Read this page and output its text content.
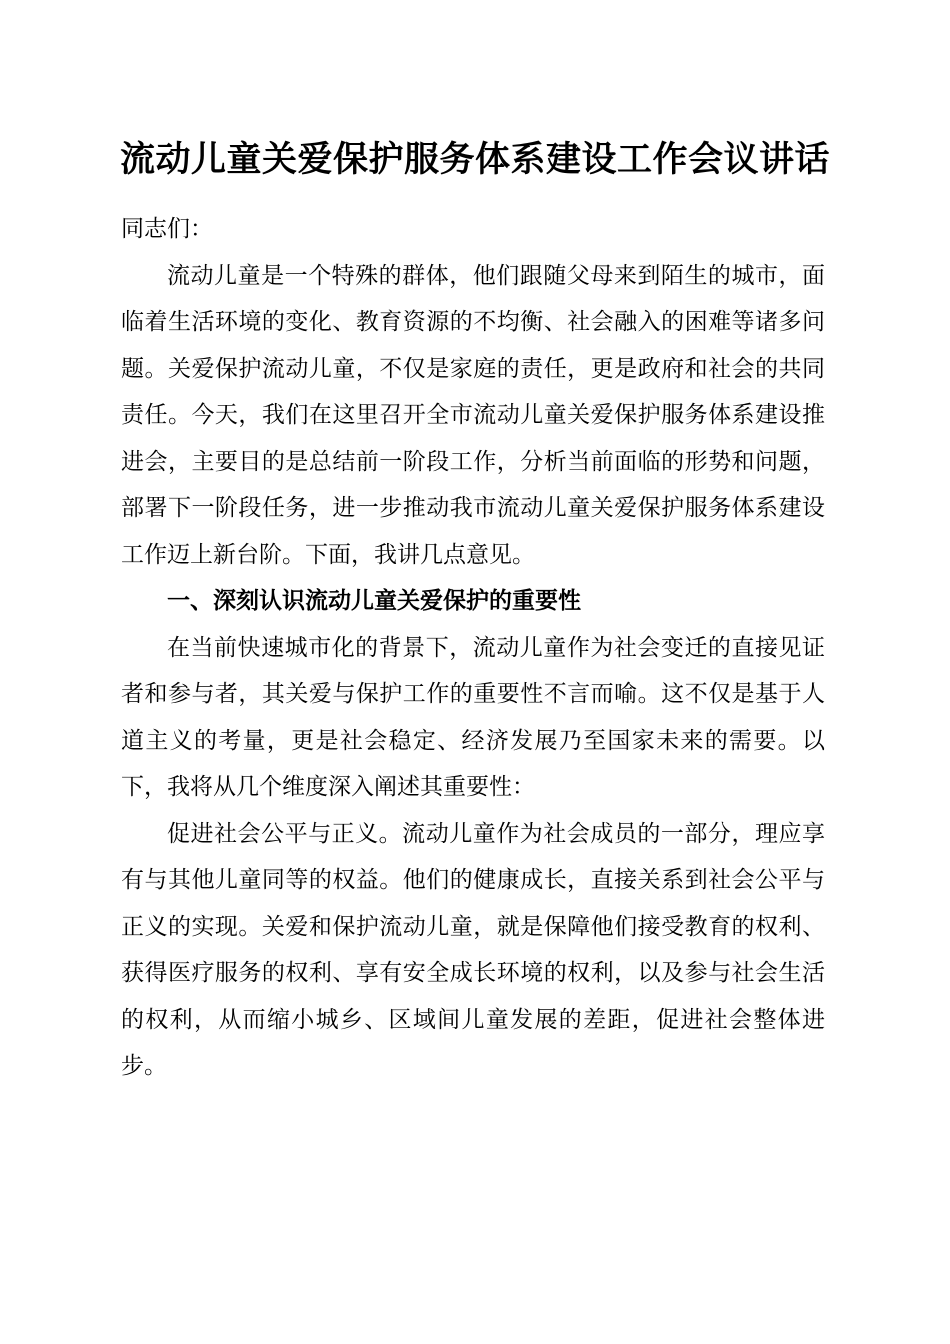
流动儿童关爱保护服务体系建设工作会议讲话

同志们：

流动儿童是一个特殊的群体，他们跟随父母来到陌生的城市，面临着生活环境的变化、教育资源的不均衡、社会融入的困难等诸多问题。关爱保护流动儿童，不仅是家庭的责任，更是政府和社会的共同责任。今天，我们在这里召开全市流动儿童关爱保护服务体系建设推进会，主要目的是总结前一阶段工作，分析当前面临的形势和问题，部署下一阶段任务，进一步推动我市流动儿童关爱保护服务体系建设工作迈上新台阶。下面，我讲几点意见。

一、深刻认识流动儿童关爱保护的重要性

在当前快速城市化的背景下，流动儿童作为社会变迁的直接见证者和参与者，其关爱与保护工作的重要性不言而喻。这不仅是基于人道主义的考量，更是社会稳定、经济发展乃至国家未来的需要。以下，我将从几个维度深入阐述其重要性：

促进社会公平与正义。流动儿童作为社会成员的一部分，理应享有与其他儿童同等的权益。他们的健康成长，直接关系到社会公平与正义的实现。关爱和保护流动儿童，就是保障他们接受教育的权利、获得医疗服务的权利、享有安全成长环境的权利，以及参与社会生活的权利，从而缩小城乡、区域间儿童发展的差距，促进社会整体进步。
